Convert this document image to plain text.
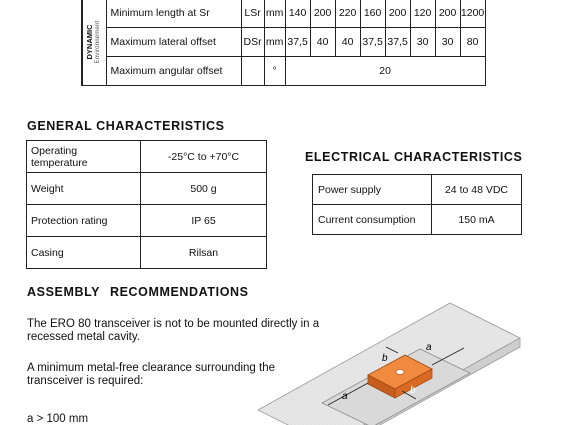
DYNAMIC Environnement	Minimum length at Sr	LSr	mm	140	200	220	160	200	120	200	1200
	Maximum lateral offset	DSr	mm	37,5	40	40	37,5	37,5	30	30	80
	Maximum angular offset		°	20							
GENERAL CHARACTERISTICS
Operating temperature	-25°C to +70°C
Weight	500 g
Protection rating	IP 65
Casing	Rilsan
ELECTRICAL CHARACTERISTICS
Power supply	24 to 48 VDC
Current consumption	150 mA
ASSEMBLY RECOMMENDATIONS

The ERO 80 transceiver is not to be mounted directly in a recessed metal cavity.

A minimum metal-free clearance surrounding the transceiver is required:

a > 100 mm

a
a
b
b
